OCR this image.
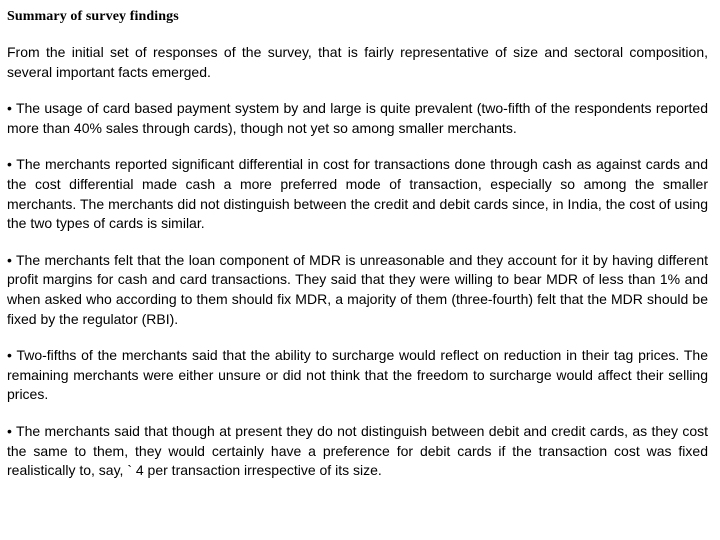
Summary of survey findings

From the initial set of responses of the survey, that is fairly representative of size and sectoral composition, several important facts emerged.

• The usage of card based payment system by and large is quite prevalent (two-fifth of the respondents reported more than 40% sales through cards), though not yet so among smaller merchants.

• The merchants reported significant differential in cost for transactions done through cash as against cards and the cost differential made cash a more preferred mode of transaction, especially so among the smaller merchants. The merchants did not distinguish between the credit and debit cards since, in India, the cost of using the two types of cards is similar.

• The merchants felt that the loan component of MDR is unreasonable and they account for it by having different profit margins for cash and card transactions. They said that they were willing to bear MDR of less than 1% and when asked who according to them should fix MDR, a majority of them (three-fourth) felt that the MDR should be fixed by the regulator (RBI).

• Two-fifths of the merchants said that the ability to surcharge would reflect on reduction in their tag prices. The remaining merchants were either unsure or did not think that the freedom to surcharge would affect their selling prices.

• The merchants said that though at present they do not distinguish between debit and credit cards, as they cost the same to them, they would certainly have a preference for debit cards if the transaction cost was fixed realistically to, say, ` 4 per transaction irrespective of its size.
